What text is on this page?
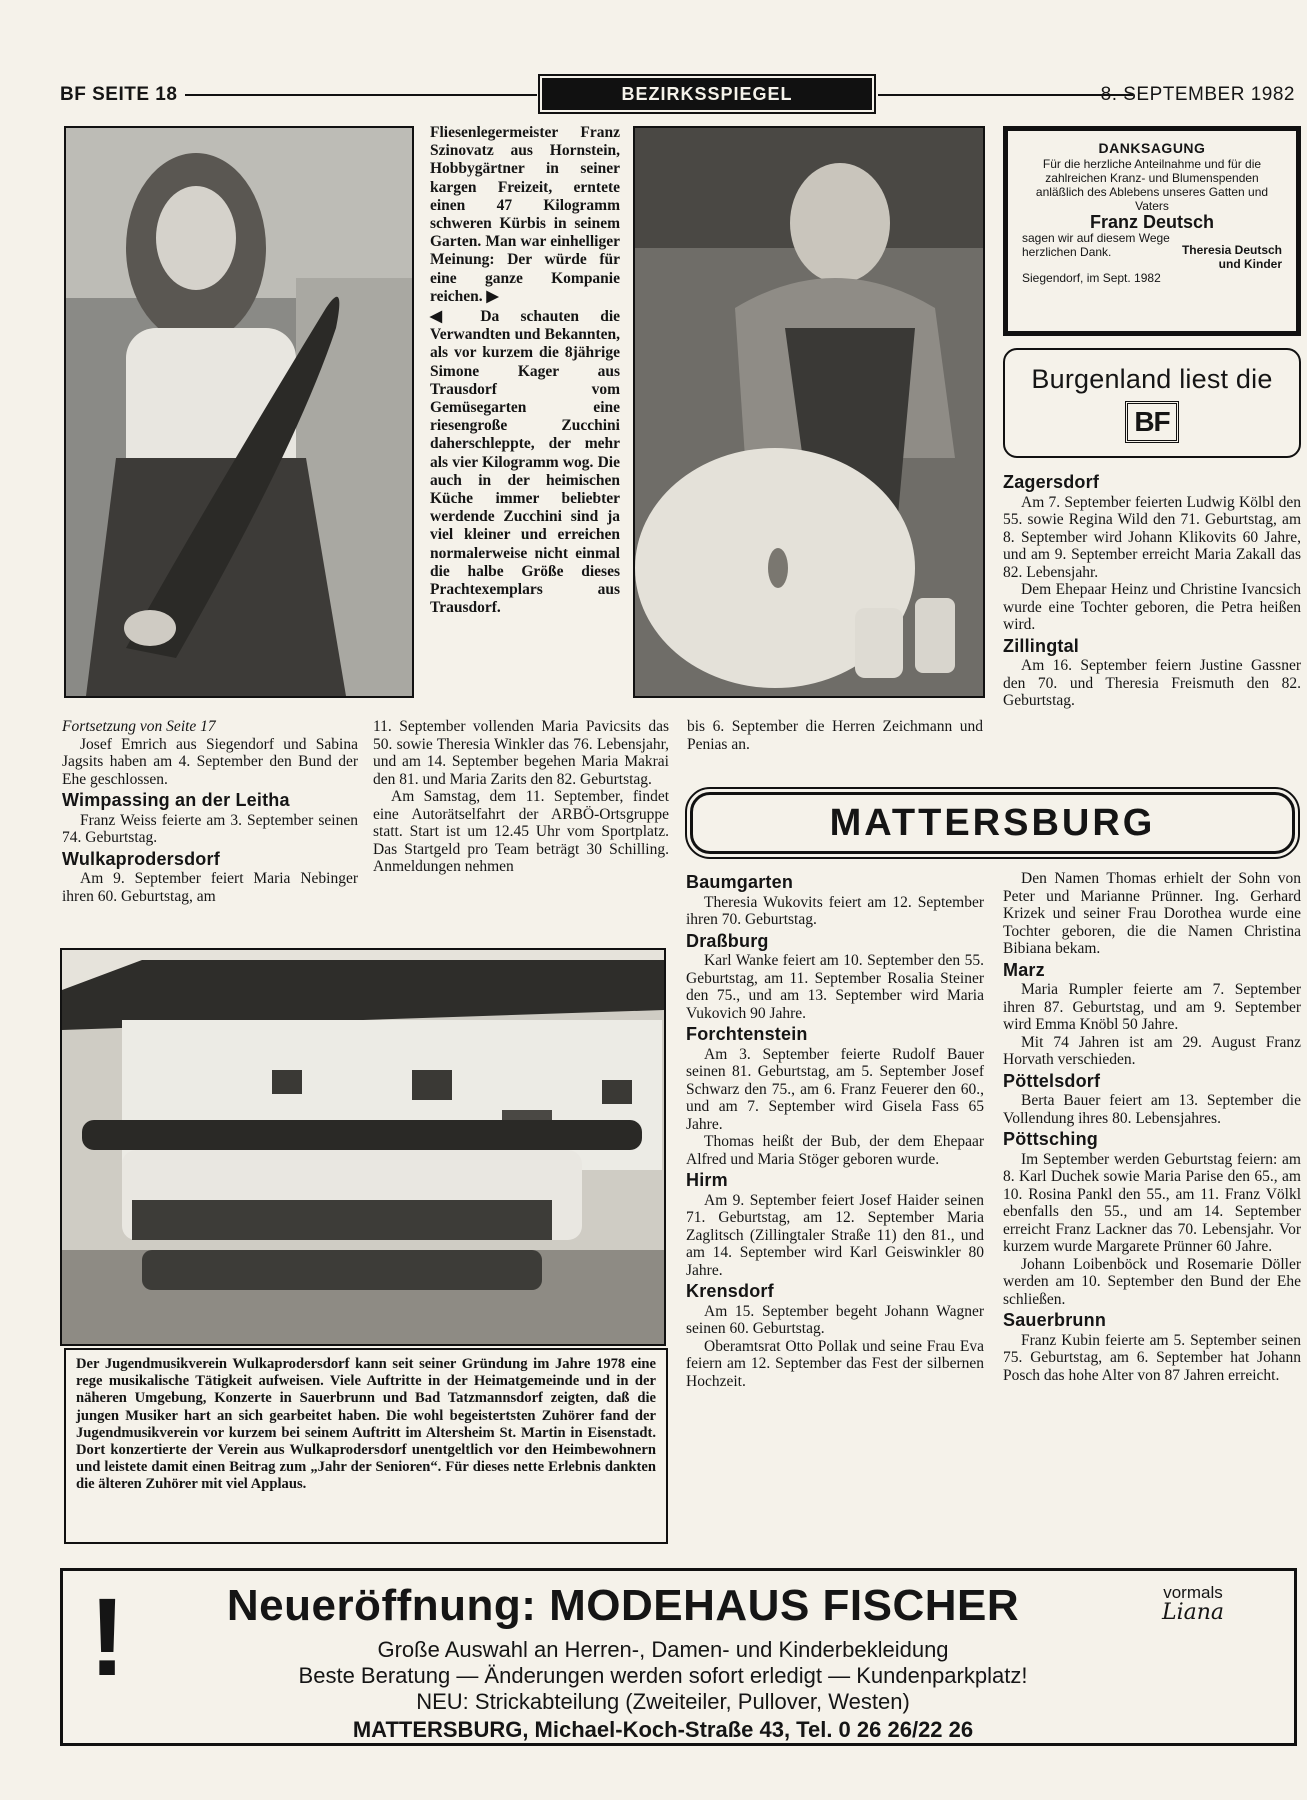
BF SEITE 18	BEZIRKSSPIEGEL	8. SEPTEMBER 1982

Fliesenlegermeister Franz Szinovatz aus Hornstein, Hobbygärtner in seiner kargen Freizeit, erntete einen 47 Kilogramm schweren Kürbis in seinem Garten. Man war einhelliger Meinung: Der würde für eine ganze Kompanie reichen. ▶

◀ Da schauten die Verwandten und Bekannten, als vor kurzem die 8jährige Simone Kager aus Trausdorf vom Gemüsegarten eine riesengroße Zucchini daherschleppte, der mehr als vier Kilogramm wog. Die auch in der heimischen Küche immer beliebter werdende Zucchini sind ja viel kleiner und erreichen normalerweise nicht einmal die halbe Größe dieses Prachtexemplars aus Trausdorf.

DANKSAGUNG
Für die herzliche Anteilnahme und für die zahlreichen Kranz- und Blumenspenden anläßlich des Ablebens unseres Gatten und Vaters
Franz Deutsch
sagen wir auf diesem Wege herzlichen Dank.	Theresia Deutsch
und Kinder
Siegendorf, im Sept. 1982
Burgenland liest die
BF
Zagersdorf

Am 7. September feierten Ludwig Kölbl den 55. sowie Regina Wild den 71. Geburtstag, am 8. September wird Johann Klikovits 60 Jahre, und am 9. September erreicht Maria Zakall das 82. Lebensjahr.

Dem Ehepaar Heinz und Christine Ivancsich wurde eine Tochter geboren, die Petra heißen wird.

Zillingtal

Am 16. September feiern Justine Gassner den 70. und Theresia Freismuth den 82. Geburtstag.

Fortsetzung von Seite 17

Josef Emrich aus Siegendorf und Sabina Jagsits haben am 4. September den Bund der Ehe geschlossen.

Wimpassing an der Leitha

Franz Weiss feierte am 3. September seinen 74. Geburtstag.

Wulkaprodersdorf

Am 9. September feiert Maria Nebinger ihren 60. Geburtstag, am

11. September vollenden Maria Pavicsits das 50. sowie Theresia Winkler das 76. Lebensjahr, und am 14. September begehen Maria Makrai den 81. und Maria Zarits den 82. Geburtstag.

Am Samstag, dem 11. September, findet eine Autorätselfahrt der ARBÖ-Ortsgruppe statt. Start ist um 12.45 Uhr vom Sportplatz. Das Startgeld pro Team beträgt 30 Schilling. Anmeldungen nehmen

bis 6. September die Herren Zeichmann und Penias an.

MATTERSBURG
Baumgarten

Theresia Wukovits feiert am 12. September ihren 70. Geburtstag.

Draßburg

Karl Wanke feiert am 10. September den 55. Geburtstag, am 11. September Rosalia Steiner den 75., und am 13. September wird Maria Vukovich 90 Jahre.

Forchtenstein

Am 3. September feierte Rudolf Bauer seinen 81. Geburtstag, am 5. September Josef Schwarz den 75., am 6. Franz Feuerer den 60., und am 7. September wird Gisela Fass 65 Jahre.

Thomas heißt der Bub, der dem Ehepaar Alfred und Maria Stöger geboren wurde.

Hirm

Am 9. September feiert Josef Haider seinen 71. Geburtstag, am 12. September Maria Zaglitsch (Zillingtaler Straße 11) den 81., und am 14. September wird Karl Geiswinkler 80 Jahre.

Krensdorf

Am 15. September begeht Johann Wagner seinen 60. Geburtstag.

Oberamtsrat Otto Pollak und seine Frau Eva feiern am 12. September das Fest der silbernen Hochzeit.

Den Namen Thomas erhielt der Sohn von Peter und Marianne Prünner. Ing. Gerhard Krizek und seiner Frau Dorothea wurde eine Tochter geboren, die die Namen Christina Bibiana bekam.

Marz

Maria Rumpler feierte am 7. September ihren 87. Geburtstag, und am 9. September wird Emma Knöbl 50 Jahre.

Mit 74 Jahren ist am 29. August Franz Horvath verschieden.

Pöttelsdorf

Berta Bauer feiert am 13. September die Vollendung ihres 80. Lebensjahres.

Pöttsching

Im September werden Geburtstag feiern: am 8. Karl Duchek sowie Maria Parise den 65., am 10. Rosina Pankl den 55., am 11. Franz Völkl ebenfalls den 55., und am 14. September erreicht Franz Lackner das 70. Lebensjahr. Vor kurzem wurde Margarete Prünner 60 Jahre.

Johann Loibenböck und Rosemarie Döller werden am 10. September den Bund der Ehe schließen.

Sauerbrunn

Franz Kubin feierte am 5. September seinen 75. Geburtstag, am 6. September hat Johann Posch das hohe Alter von 87 Jahren erreicht.

Der Jugendmusikverein Wulkaprodersdorf kann seit seiner Gründung im Jahre 1978 eine rege musikalische Tätigkeit aufweisen. Viele Auftritte in der Heimatgemeinde und in der näheren Umgebung, Konzerte in Sauerbrunn und Bad Tatzmannsdorf zeigten, daß die jungen Musiker hart an sich gearbeitet haben. Die wohl begeistertsten Zuhörer fand der Jugendmusikverein vor kurzem bei seinem Auftritt im Altersheim St. Martin in Eisenstadt. Dort konzertierte der Verein aus Wulkaprodersdorf unentgeltlich vor den Heimbewohnern und leistete damit einen Beitrag zum „Jahr der Senioren“. Für dieses nette Erlebnis dankten die älteren Zuhörer mit viel Applaus.

!	Neueröffnung: MODEHAUS FISCHER	vormals
Liana
Große Auswahl an Herren-, Damen- und Kinderbekleidung
Beste Beratung — Änderungen werden sofort erledigt — Kundenparkplatz!
NEU: Strickabteilung (Zweiteiler, Pullover, Westen)
MATTERSBURG, Michael-Koch-Straße 43, Tel. 0 26 26/22 26
